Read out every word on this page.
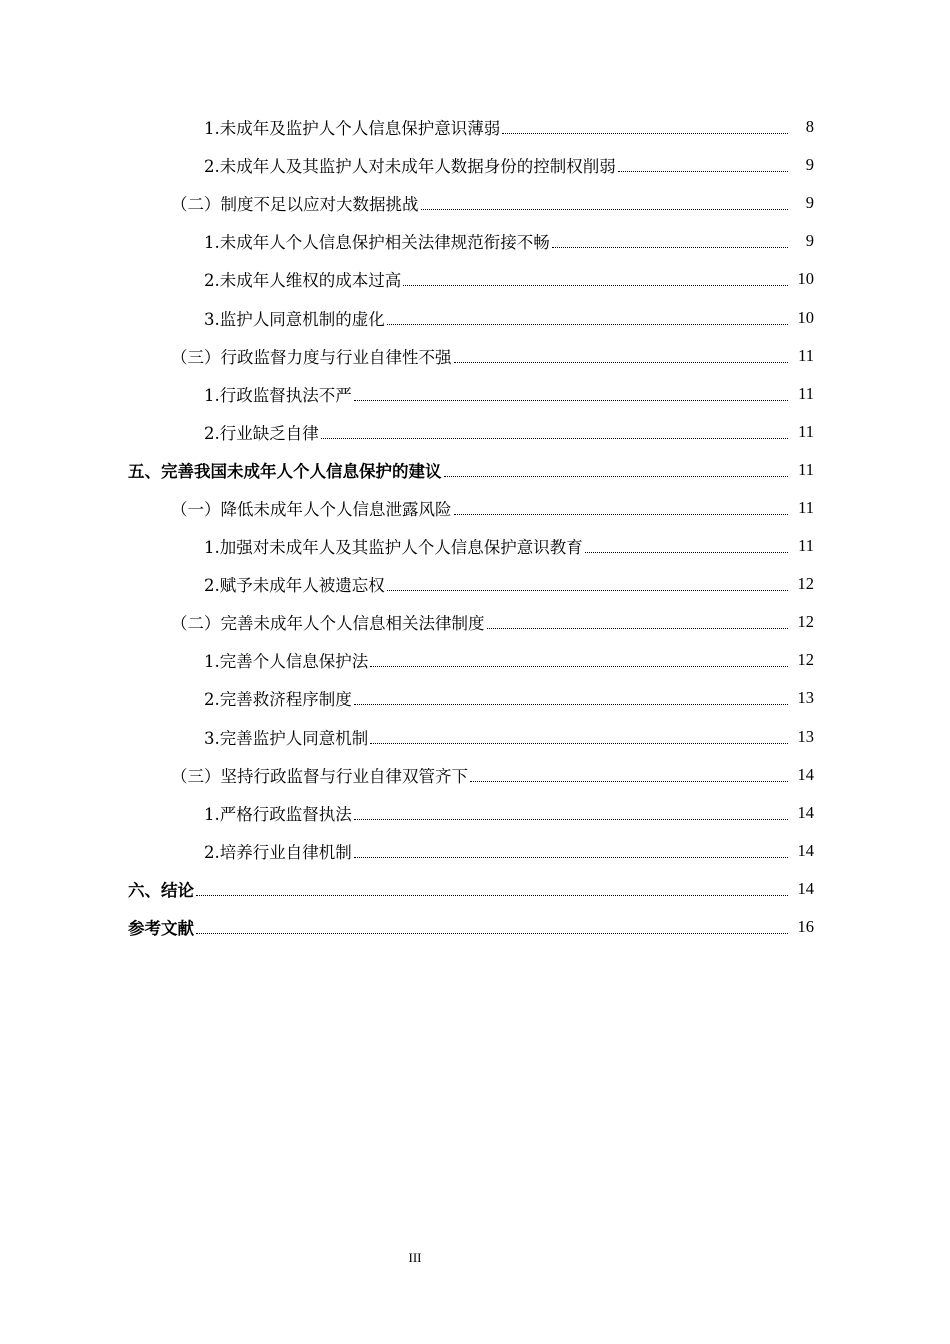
1.未成年及监护人个人信息保护意识薄弱	8
2.未成年人及其监护人对未成年人数据身份的控制权削弱	9
（二）制度不足以应对大数据挑战	9
1.未成年人个人信息保护相关法律规范衔接不畅	9
2.未成年人维权的成本过高	10
3.监护人同意机制的虚化	10
（三）行政监督力度与行业自律性不强	11
1.行政监督执法不严	11
2.行业缺乏自律	11
五、完善我国未成年人个人信息保护的建议	11
（一）降低未成年人个人信息泄露风险	11
1.加强对未成年人及其监护人个人信息保护意识教育	11
2.赋予未成年人被遗忘权	12
（二）完善未成年人个人信息相关法律制度	12
1.完善个人信息保护法	12
2.完善救济程序制度	13
3.完善监护人同意机制	13
（三）坚持行政监督与行业自律双管齐下	14
1.严格行政监督执法	14
2.培养行业自律机制	14
六、结论	14
参考文献	16
III
